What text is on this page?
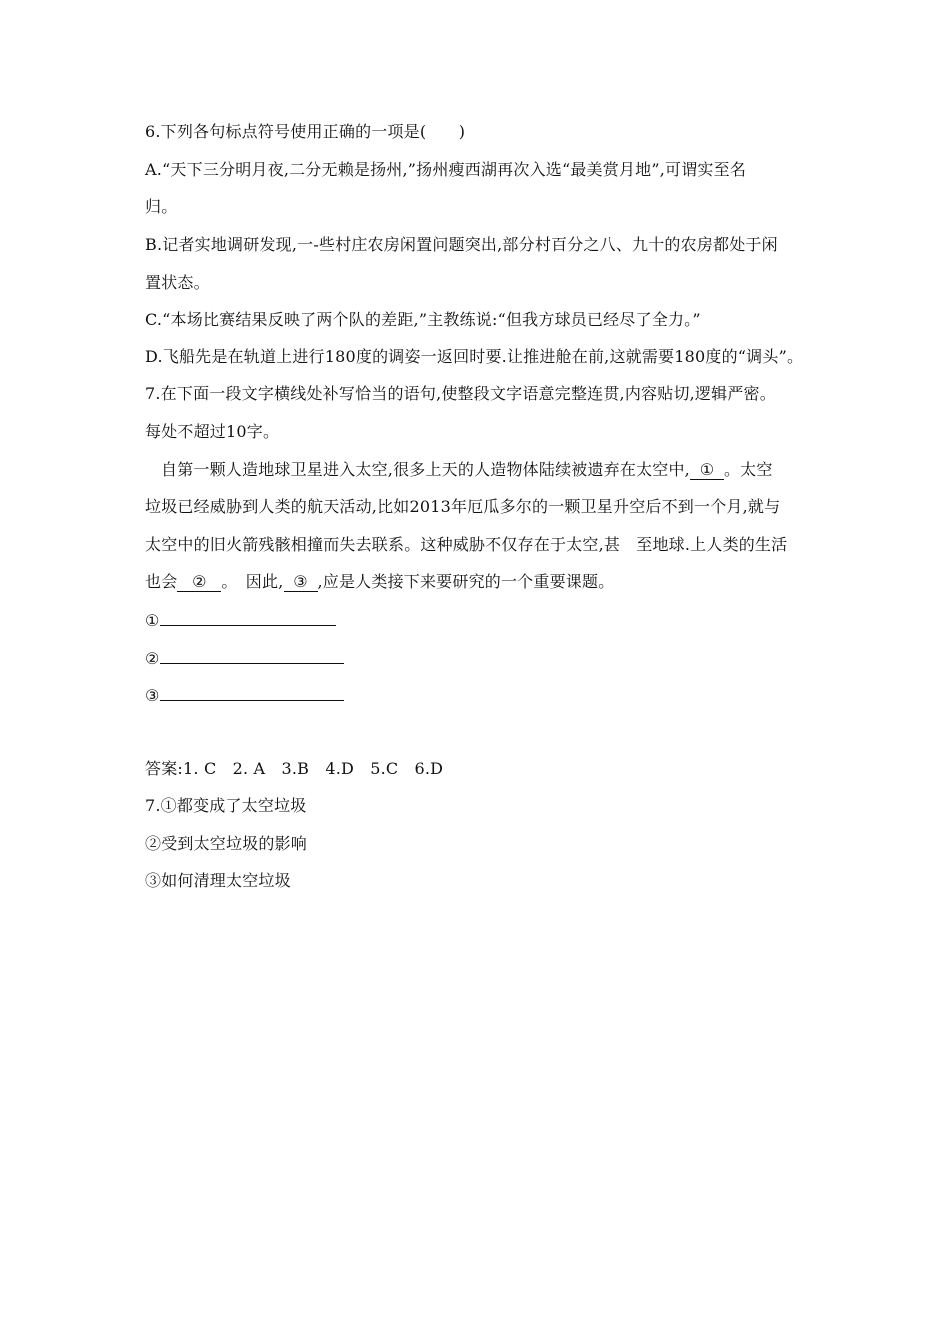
6.下列各句标点符号使用正确的一项是(　　)
A.“天下三分明月夜,二分无赖是扬州,”扬州瘦西湖再次入选“最美赏月地”,可谓实至名
归。
B.记者实地调研发现,一-些村庄农房闲置问题突出,部分村百分之八、九十的农房都处于闲
置状态。
C.“本场比赛结果反映了两个队的差距,”主教练说:“但我方球员已经尽了全力。”
D.飞船先是在轨道上进行180度的调姿一返回时要.让推进舱在前,这就需要180度的“调头”。
7.在下面一段文字横线处补写恰当的语句,使整段文字语意完整连贯,内容贴切,逻辑严密。
每处不超过10字。
自第一颗人造地球卫星进入太空,很多上天的人造物体陆续被遗弃在太空中, ① 。太空
垃圾已经威胁到人类的航天活动,比如2013年厄瓜多尔的一颗卫星升空后不到一个月,就与
太空中的旧火箭残骸相撞而失去联系。这种威胁不仅存在于太空,甚　至地球.上人类的生活
也会 ② 。　因此, ③ ,应是人类接下来要研究的一个重要课题。
①
②
③
答案:1. C　2. A　3.B　4.D　5.C　6.D
7.①都变成了太空垃圾
②受到太空垃圾的影响
③如何清理太空垃圾
